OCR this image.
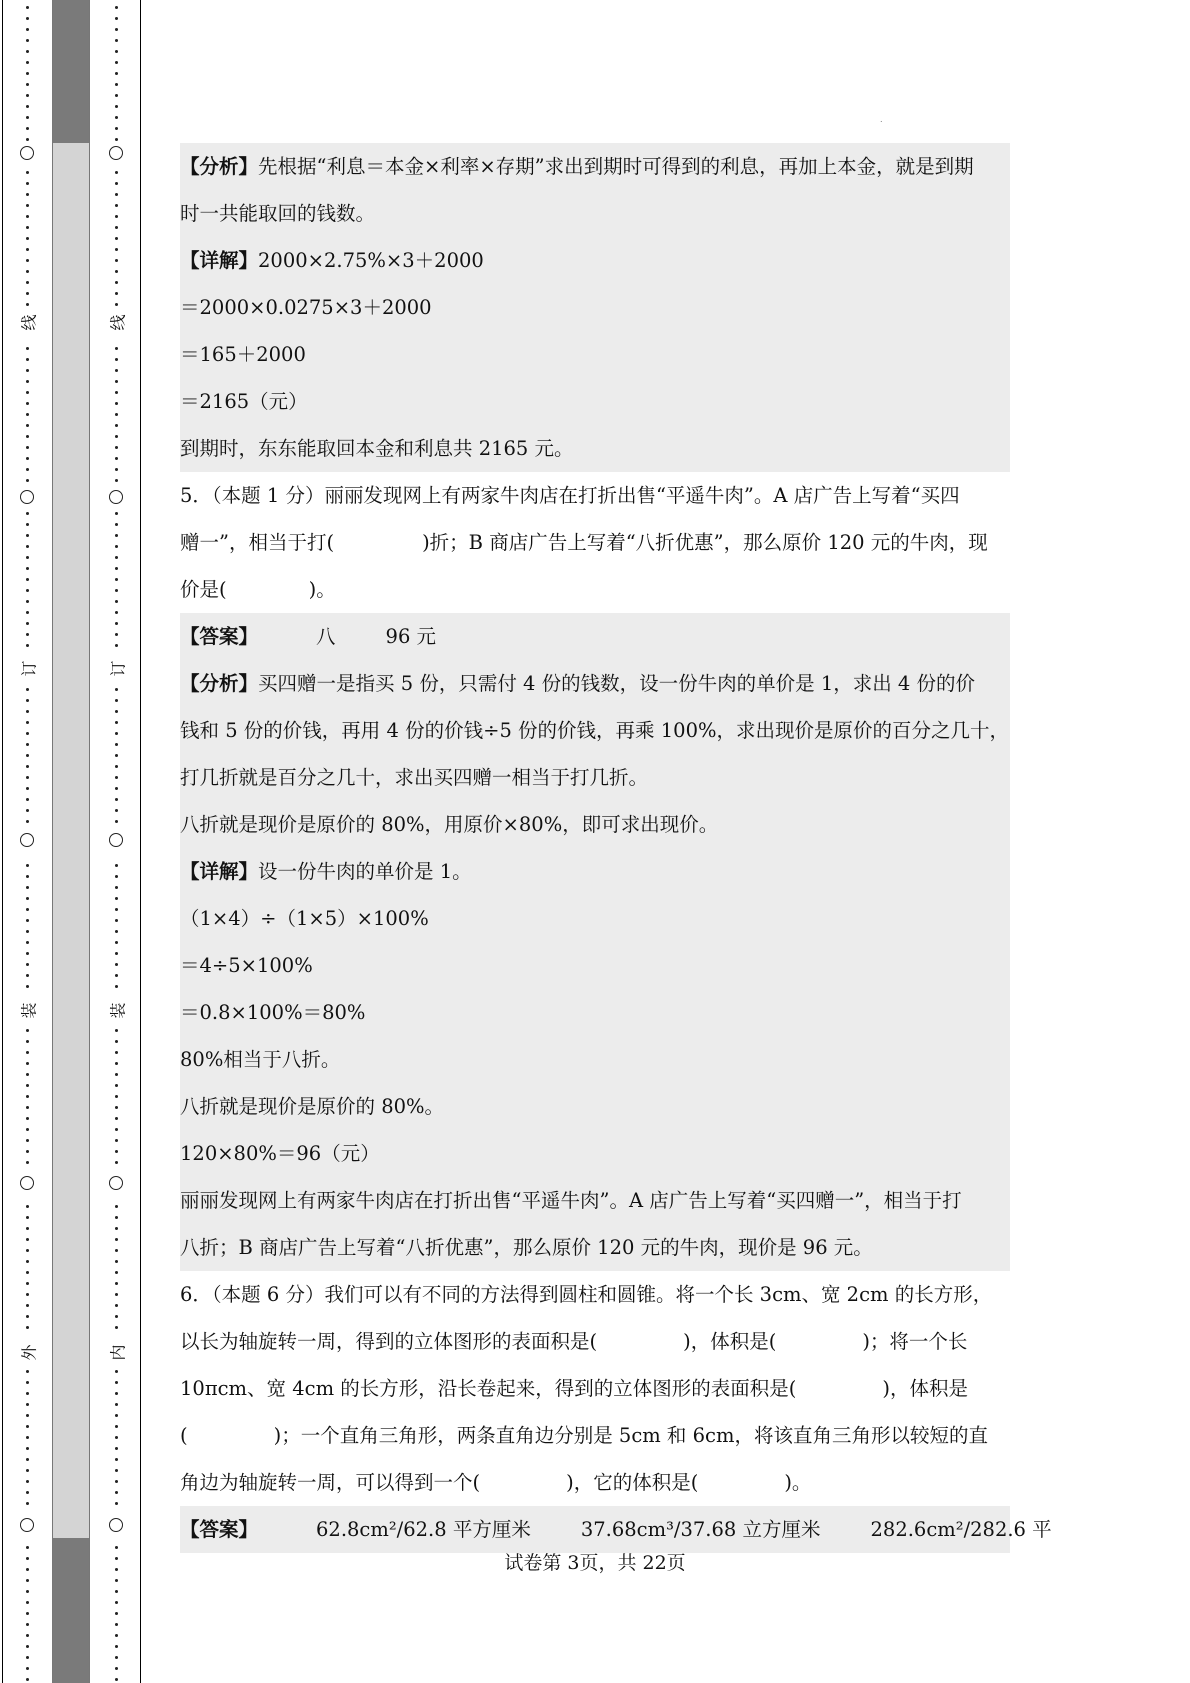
线
订
装
外
线
订
装
内
.
【分析】先根据“利息＝本金×利率×存期”求出到期时可得到的利息，再加上本金，就是到期
时一共能取回的钱数。
【详解】2000×2.75%×3＋2000
＝2000×0.0275×3＋2000
＝165＋2000
＝2165（元）
到期时，东东能取回本金和利息共 2165 元。
5．（本题 1 分）丽丽发现网上有两家牛肉店在打折出售“平遥牛肉”。A 店广告上写着“买四
赠一”，相当于打(	)折；B 商店广告上写着“八折优惠”，那么原价 120 元的牛肉，现
价是(	)。
【答案】	八	96 元
【分析】买四赠一是指买 5 份，只需付 4 份的钱数，设一份牛肉的单价是 1，求出 4 份的价
钱和 5 份的价钱，再用 4 份的价钱÷5 份的价钱，再乘 100%，求出现价是原价的百分之几十，
打几折就是百分之几十，求出买四赠一相当于打几折。
八折就是现价是原价的 80%，用原价×80%，即可求出现价。
【详解】设一份牛肉的单价是 1。
（1×4）÷（1×5）×100%
＝4÷5×100%
＝0.8×100%＝80%
80%相当于八折。
八折就是现价是原价的 80%。
120×80%＝96（元）
丽丽发现网上有两家牛肉店在打折出售“平遥牛肉”。A 店广告上写着“买四赠一”，相当于打
八折；B 商店广告上写着“八折优惠”，那么原价 120 元的牛肉，现价是 96 元。
6．（本题 6 分）我们可以有不同的方法得到圆柱和圆锥。将一个长 3cm、宽 2cm 的长方形，
以长为轴旋转一周，得到的立体图形的表面积是(	)，体积是(	)；将一个长
10πcm、宽 4cm 的长方形，沿长卷起来，得到的立体图形的表面积是(	)，体积是
(	)；一个直角三角形，两条直角边分别是 5cm 和 6cm，将该直角三角形以较短的直
角边为轴旋转一周，可以得到一个(	)，它的体积是(	)。
【答案】	62.8cm²/62.8 平方厘米	37.68cm³/37.68 立方厘米	282.6cm²/282.6 平
试卷第 3页，共 22页
